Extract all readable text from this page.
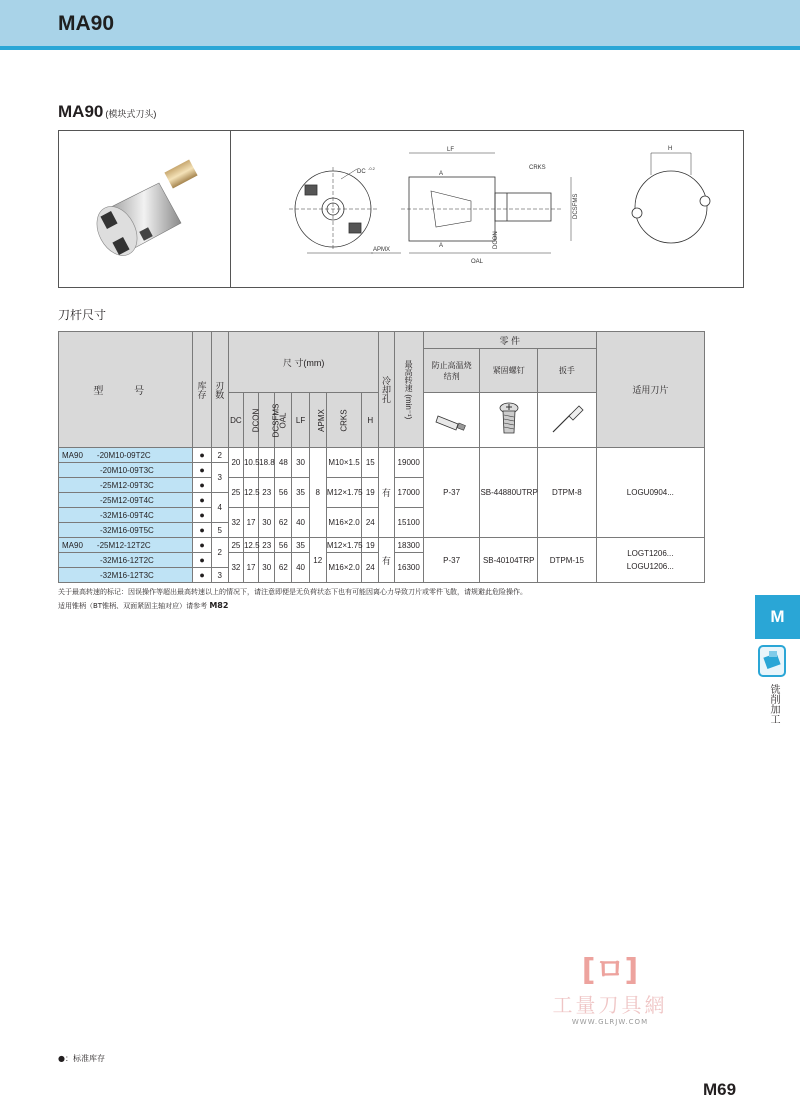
MA90
MA90 (模块式刀头)
DC
-0.2
APMX
LF
CRKS
DCSFMS
DCON
OAL
A
A
H
刀杆尺寸
型 号	库存	刃数	尺 寸(mm)								冷却孔	最高转速 (min⁻¹)	零 件			适用刀片
													防止高温烧结剂	紧固螺钉	扳手	
			DC	DCON	DCSFMS	OAL	LF	APMX	CRKS	H			
MA90 -20M10-09T2C	●	2	20	10.5	18.8	48	30	8	M10×1.5	15	有	19000	P-37	SB-44880UTRP	DTPM-8	LOGU0904...
-20M10-09T3C	●	3														
-25M12-09T3C	●		25	12.5	23	56	35		M12×1.75	19		17000				
-25M12-09T4C	●	4														
-32M16-09T4C	●		32	17	30	62	40		M16×2.0	24		15100				
-32M16-09T5C	●	5														
MA90 -25M12-12T2C	●	2	25	12.5	23	56	35	12	M12×1.75	19	有	18300	P-37	SB-40104TRP	DTPM-15	LOGT1206...
LOGU1206...

-32M16-12T2C	●		32	17	30	62	40		M16×2.0	24		16300				
-32M16-12T3C	●	3														
关于最高转速的标记：因误操作等超出最高转速以上的情况下，请注意即便是无负荷状态下也有可能因离心力导致刀片或零件飞散，请规避此危险操作。
适用锥柄（BT锥柄、双面紧固主轴对应）请参考 M82
M
铣削加工
[ㅁ]
工量刀具網
WWW.GLRJW.COM
●：标准库存
M69
